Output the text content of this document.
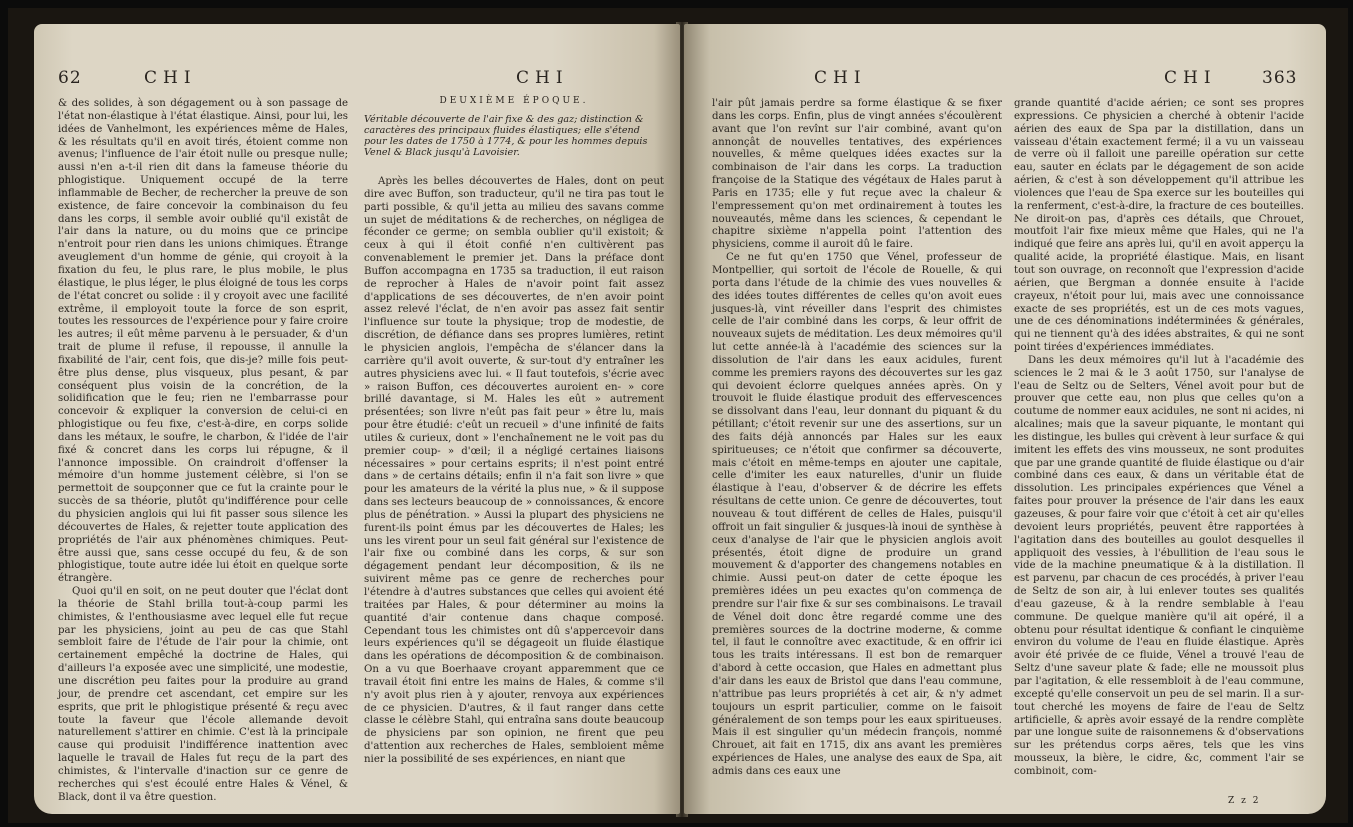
62	CHI	CHI

& des solides, à son dégagement ou à son passage de l'état non-élastique à l'état élastique. Ainsi, pour lui, les idées de Vanhelmont, les expériences même de Hales, & les résultats qu'il en avoit tirés, étoient comme non avenus; l'influence de l'air étoit nulle ou presque nulle; aussi n'en a-t-il rien dit dans la fameuse théorie du phlogistique. Uniquement occupé de la terre inflammable de Becher, de rechercher la preuve de son existence, de faire concevoir la combinaison du feu dans les corps, il semble avoir oublié qu'il existât de l'air dans la nature, ou du moins que ce principe n'entroit pour rien dans les unions chimiques. Étrange aveuglement d'un homme de génie, qui croyoit à la fixation du feu, le plus rare, le plus mobile, le plus élastique, le plus léger, le plus éloigné de tous les corps de l'état concret ou solide : il y croyoit avec une facilité extrême, il employoit toute la force de son esprit, toutes les ressources de l'expérience pour y faire croire les autres; il eût même parvenu à le persuader, & d'un trait de plume il refuse, il repousse, il annulle la fixabilité de l'air, cent fois, que dis-je? mille fois peut-être plus dense, plus visqueux, plus pesant, & par conséquent plus voisin de la concrétion, de la solidification que le feu; rien ne l'embarrasse pour concevoir & expliquer la conversion de celui-ci en phlogistique ou feu fixe, c'est-à-dire, en corps solide dans les métaux, le soufre, le charbon, & l'idée de l'air fixé & concret dans les corps lui répugne, & il l'annonce impossible. On craindroit d'offenser la mémoire d'un homme justement célèbre, si l'on se permettoit de soupçonner que ce fut la crainte pour le succès de sa théorie, plutôt qu'indifférence pour celle du physicien anglois qui lui fit passer sous silence les découvertes de Hales, & rejetter toute application des propriétés de l'air aux phénomènes chimiques. Peut-être aussi que, sans cesse occupé du feu, & de son phlogistique, toute autre idée lui étoit en quelque sorte étrangère.

Quoi qu'il en soit, on ne peut douter que l'éclat dont la théorie de Stahl brilla tout-à-coup parmi les chimistes, & l'enthousiasme avec lequel elle fut reçue par les physiciens, joint au peu de cas que Stahl sembloit faire de l'étude de l'air pour la chimie, ont certainement empêché la doctrine de Hales, qui d'ailleurs l'a exposée avec une simplicité, une modestie, une discrétion peu faites pour la produire au grand jour, de prendre cet ascendant, cet empire sur les esprits, que prit le phlogistique présenté & reçu avec toute la faveur que l'école allemande devoit naturellement s'attirer en chimie. C'est là la principale cause qui produisit l'indifférence inattention avec laquelle le travail de Hales fut reçu de la part des chimistes, & l'intervalle d'inaction sur ce genre de recherches qui s'est écoulé entre Hales & Vénel, & Black, dont il va être question.

DEUXIÈME ÉPOQUE.
Véritable découverte de l'air fixe & des gaz; distinction & caractères des principaux fluides élastiques; elle s'étend pour les dates de 1750 à 1774, & pour les hommes depuis Venel & Black jusqu'à Lavoisier.

Après les belles découvertes de Hales, dont on peut dire avec Buffon, son traducteur, qu'il ne tira pas tout le parti possible, & qu'il jetta au milieu des savans comme un sujet de méditations & de recherches, on négligea de féconder ce germe; on sembla oublier qu'il existoit; & ceux à qui il étoit confié n'en cultivèrent pas convenablement le premier jet. Dans la préface dont Buffon accompagna en 1735 sa traduction, il eut raison de reprocher à Hales de n'avoir point fait assez d'applications de ses découvertes, de n'en avoir point assez relevé l'éclat, de n'en avoir pas assez fait sentir l'influence sur toute la physique; trop de modestie, de discrétion, de défiance dans ses propres lumières, retint le physicien anglois, l'empêcha de s'élancer dans la carrière qu'il avoit ouverte, & sur-tout d'y entraîner les autres physiciens avec lui. « Il faut toutefois, s'écrie avec » raison Buffon, ces découvertes auroient en- » core brillé davantage, si M. Hales les eût » autrement présentées; son livre n'eût pas fait peur » être lu, mais pour être étudié: c'eût un recueil » d'une infinité de faits utiles & curieux, dont » l'enchaînement ne le voit pas du premier coup- » d'œil; il a négligé certaines liaisons nécessaires » pour certains esprits; il n'est point entré dans » de certains détails; enfin il n'a fait son livre » que pour les amateurs de la vérité la plus nue, » & il suppose dans ses lecteurs beaucoup de » connoissances, & encore plus de pénétration. » Aussi la plupart des physiciens ne furent-ils point émus par les découvertes de Hales; les uns les virent pour un seul fait général sur l'existence de l'air fixe ou combiné dans les corps, & sur son dégagement pendant leur décomposition, & ils ne suivirent même pas ce genre de recherches pour l'étendre à d'autres substances que celles qui avoient été traitées par Hales, & pour déterminer au moins la quantité d'air contenue dans chaque composé. Cependant tous les chimistes ont dû s'appercevoir dans leurs expériences qu'il se dégageoit un fluide élastique dans les opérations de décomposition & de combinaison. On a vu que Boerhaave croyant apparemment que ce travail étoit fini entre les mains de Hales, & comme s'il n'y avoit plus rien à y ajouter, renvoya aux expériences de ce physicien. D'autres, & il faut ranger dans cette classe le célèbre Stahl, qui entraîna sans doute beaucoup de physiciens par son opinion, ne firent que peu d'attention aux recherches de Hales, sembloient même nier la possibilité de ses expériences, en niant que

CHI	CHI	363

l'air pût jamais perdre sa forme élastique & se fixer dans les corps. Enfin, plus de vingt années s'écoulèrent avant que l'on revînt sur l'air combiné, avant qu'on annonçât de nouvelles tentatives, des expériences nouvelles, & même quelques idées exactes sur la combinaison de l'air dans les corps. La traduction françoise de la Statique des végétaux de Hales parut à Paris en 1735; elle y fut reçue avec la chaleur & l'empressement qu'on met ordinairement à toutes les nouveautés, même dans les sciences, & cependant le chapitre sixième n'appella point l'attention des physiciens, comme il auroit dû le faire.

Ce ne fut qu'en 1750 que Vénel, professeur de Montpellier, qui sortoit de l'école de Rouelle, & qui porta dans l'étude de la chimie des vues nouvelles & des idées toutes différentes de celles qu'on avoit eues jusques-là, vint réveiller dans l'esprit des chimistes celle de l'air combiné dans les corps, & leur offrit de nouveaux sujets de méditation. Les deux mémoires qu'il lut cette année-là à l'académie des sciences sur la dissolution de l'air dans les eaux acidules, furent comme les premiers rayons des découvertes sur les gaz qui devoient éclorre quelques années après. On y trouvoit le fluide élastique produit des effervescences se dissolvant dans l'eau, leur donnant du piquant & du pétillant; c'étoit revenir sur une des assertions, sur un des faits déjà annoncés par Hales sur les eaux spiritueuses; ce n'étoit que confirmer sa découverte, mais c'étoit en même-temps en ajouter une capitale, celle d'imiter les eaux naturelles, d'unir un fluide élastique à l'eau, d'observer & de décrire les effets résultans de cette union. Ce genre de découvertes, tout nouveau & tout différent de celles de Hales, puisqu'il offroit un fait singulier & jusques-là inoui de synthèse à ceux d'analyse de l'air que le physicien anglois avoit présentés, étoit digne de produire un grand mouvement & d'apporter des changemens notables en chimie. Aussi peut-on dater de cette époque les premières idées un peu exactes qu'on commença de prendre sur l'air fixe & sur ses combinaisons. Le travail de Vénel doit donc être regardé comme une des premières sources de la doctrine moderne, & comme tel, il faut le connoître avec exactitude, & en offrir ici tous les traits intéressans. Il est bon de remarquer d'abord à cette occasion, que Hales en admettant plus d'air dans les eaux de Bristol que dans l'eau commune, n'attribue pas leurs propriétés à cet air, & n'y admet toujours un esprit particulier, comme on le faisoit généralement de son temps pour les eaux spiritueuses. Mais il est singulier qu'un médecin françois, nommé Chrouet, ait fait en 1715, dix ans avant les premières expériences de Hales, une analyse des eaux de Spa, ait admis dans ces eaux une

grande quantité d'acide aérien; ce sont ses propres expressions. Ce physicien a cherché à obtenir l'acide aérien des eaux de Spa par la distillation, dans un vaisseau d'étain exactement fermé; il a vu un vaisseau de verre où il falloit une pareille opération sur cette eau, sauter en éclats par le dégagement de son acide aérien, & c'est à son développement qu'il attribue les violences que l'eau de Spa exerce sur les bouteilles qui la renferment, c'est-à-dire, la fracture de ces bouteilles. Ne diroit-on pas, d'après ces détails, que Chrouet, moutfoit l'air fixe mieux même que Hales, qui ne l'a indiqué que feire ans après lui, qu'il en avoit apperçu la qualité acide, la propriété élastique. Mais, en lisant tout son ouvrage, on reconnoît que l'expression d'acide aérien, que Bergman a donnée ensuite à l'acide crayeux, n'étoit pour lui, mais avec une connoissance exacte de ses propriétés, est un de ces mots vagues, une de ces dénominations indéterminées & générales, qui ne tiennent qu'à des idées abstraites, & qui ne sont point tirées d'expériences immédiates.

Dans les deux mémoires qu'il lut à l'académie des sciences le 2 mai & le 3 août 1750, sur l'analyse de l'eau de Seltz ou de Selters, Vénel avoit pour but de prouver que cette eau, non plus que celles qu'on a coutume de nommer eaux acidules, ne sont ni acides, ni alcalines; mais que la saveur piquante, le montant qui les distingue, les bulles qui crèvent à leur surface & qui imitent les effets des vins mousseux, ne sont produites que par une grande quantité de fluide élastique ou d'air combiné dans ces eaux, & dans un véritable état de dissolution. Les principales expériences que Vénel a faites pour prouver la présence de l'air dans les eaux gazeuses, & pour faire voir que c'étoit à cet air qu'elles devoient leurs propriétés, peuvent être rapportées à l'agitation dans des bouteilles au goulot desquelles il appliquoit des vessies, à l'ébullition de l'eau sous le vide de la machine pneumatique & à la distillation. Il est parvenu, par chacun de ces procédés, à priver l'eau de Seltz de son air, à lui enlever toutes ses qualités d'eau gazeuse, & à la rendre semblable à l'eau commune. De quelque manière qu'il ait opéré, il a obtenu pour résultat identique & confiant le cinquième environ du volume de l'eau en fluide élastique. Après avoir été privée de ce fluide, Vénel a trouvé l'eau de Seltz d'une saveur plate & fade; elle ne moussoit plus par l'agitation, & elle ressembloit à de l'eau commune, excepté qu'elle conservoit un peu de sel marin. Il a sur-tout cherché les moyens de faire de l'eau de Seltz artificielle, & après avoir essayé de la rendre complète par une longue suite de raisonnemens & d'observations sur les prétendus corps aëres, tels que les vins mousseux, la bière, le cidre, &c, comment l'air se combinoit, com-

Z z 2
